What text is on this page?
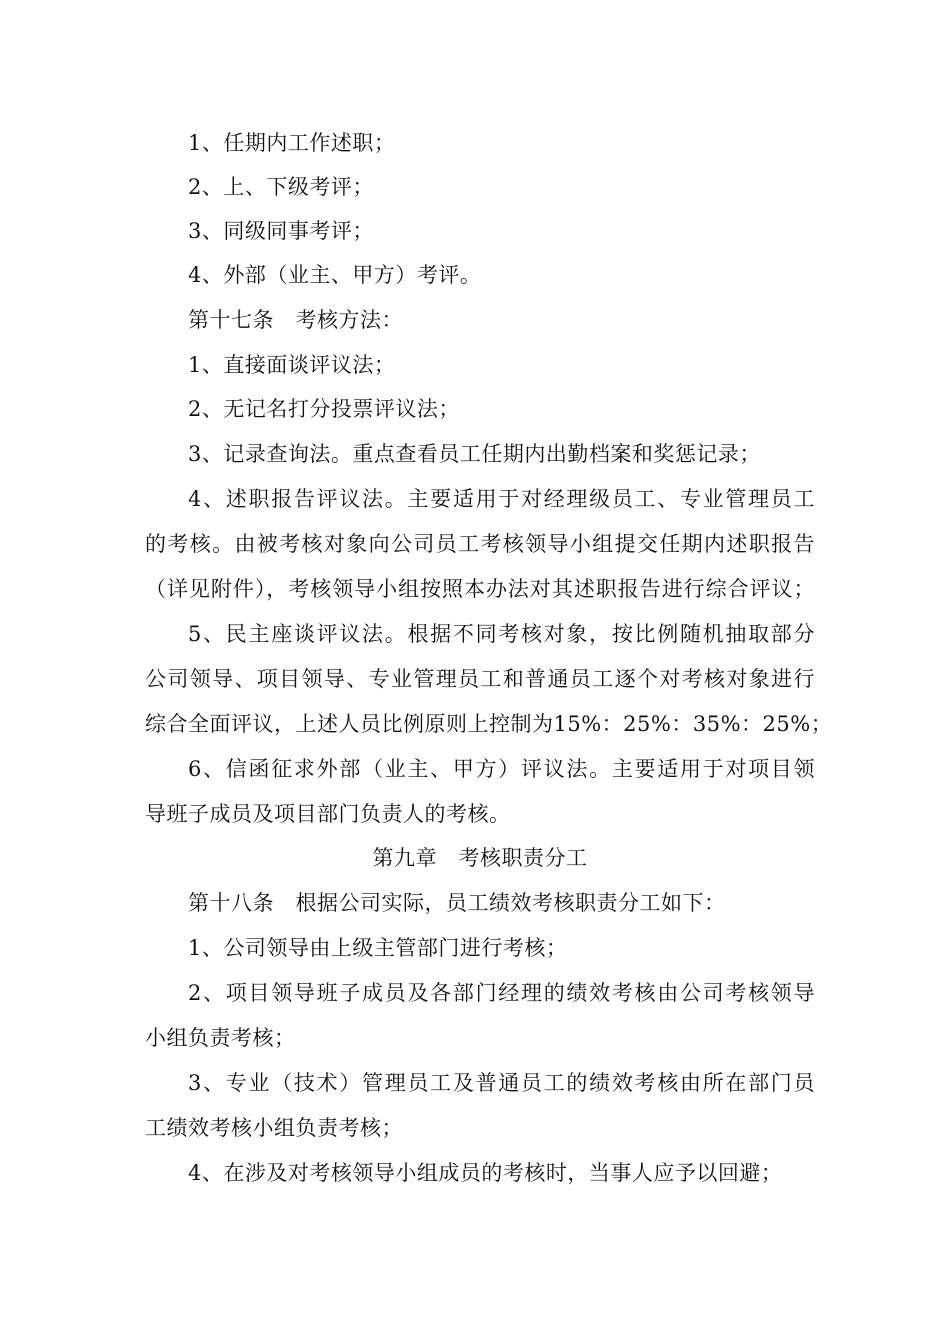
1、任期内工作述职；
2、上、下级考评；
3、同级同事考评；
4、外部（业主、甲方）考评。
第十七条　考核方法：
1、直接面谈评议法；
2、无记名打分投票评议法；
3、记录查询法。重点查看员工任期内出勤档案和奖惩记录；
4、述职报告评议法。主要适用于对经理级员工、专业管理员工
的考核。由被考核对象向公司员工考核领导小组提交任期内述职报告
（详见附件），考核领导小组按照本办法对其述职报告进行综合评议；
5、民主座谈评议法。根据不同考核对象，按比例随机抽取部分
公司领导、项目领导、专业管理员工和普通员工逐个对考核对象进行
综合全面评议，上述人员比例原则上控制为15%：25%：35%：25%；
6、信函征求外部（业主、甲方）评议法。主要适用于对项目领
导班子成员及项目部门负责人的考核。
第九章　考核职责分工
第十八条　根据公司实际，员工绩效考核职责分工如下：
1、公司领导由上级主管部门进行考核；
2、项目领导班子成员及各部门经理的绩效考核由公司考核领导
小组负责考核；
3、专业（技术）管理员工及普通员工的绩效考核由所在部门员
工绩效考核小组负责考核；
4、在涉及对考核领导小组成员的考核时，当事人应予以回避；
